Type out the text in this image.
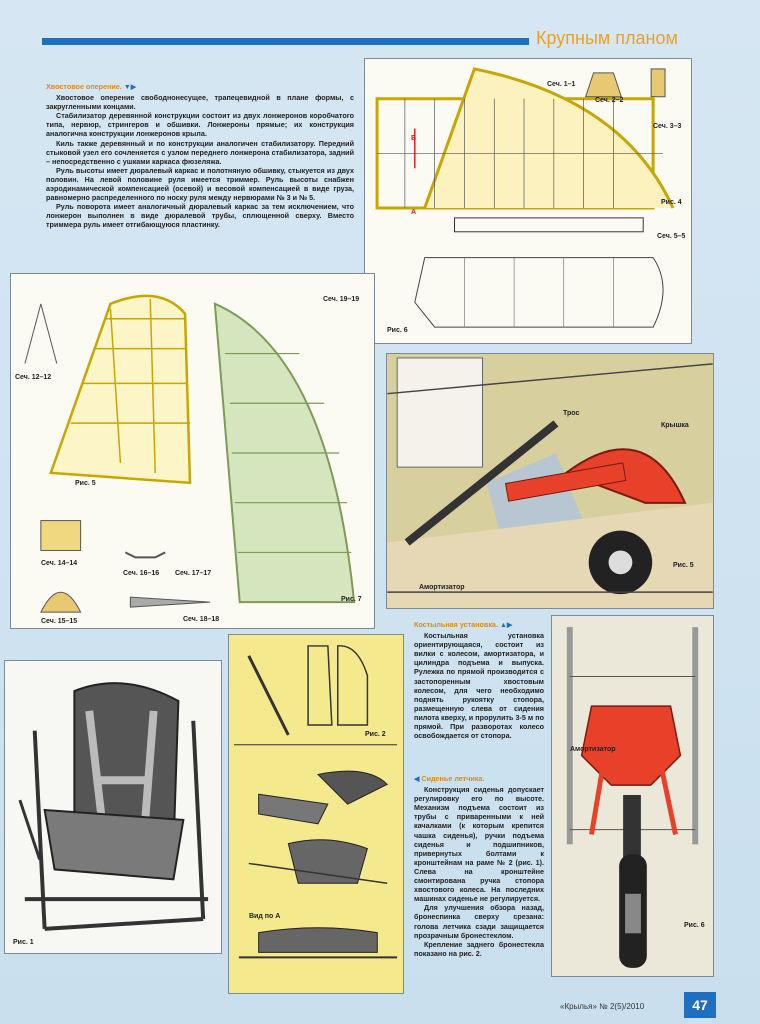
Крупным планом
Хвостовое оперение. ▼▶

Хвостовое оперение свободнонесущее, трапецевидной в плане формы, с закругленными концами.

Стабилизатор деревянной конструкции состоит из двух лонжеронов коробчатого типа, нервюр, стрингеров и обшивки. Лонжероны прямые; их конструкция аналогична конструкции лонжеронов крыла.

Киль также деревянный и по конструкции аналогичен стабилизатору. Передний стыковой узел его сочленяется с узлом переднего лонжерона стабилизатора, задний – непосредственно с ушками каркаса фюзеляжа.

Руль высоты имеет дюралевый каркас и полотняную обшивку, стыкуется из двух половин. На левой половине руля имеется триммер. Руль высоты снабжен аэродинамической компенсацией (осевой) и весовой компенсацией в виде груза, равномерно распределенного по носку руля между нервюрами № 3 и № 5.

Руль поворота имеет аналогичный дюралевый каркас за тем исключением, что лонжерон выполнен в виде дюралевой трубы, сплющенной сверху. Вместо триммера руль имеет отгибающуюся пластинку.

Сеч. 1–1
Сеч. 2–2
Сеч. 3–3
Рис. 4
Сеч. 5–5
Б
А
Рис. 6
Сеч. 12–12
Рис. 5
Сеч. 19–19
Сеч. 14–14
Сеч. 15–15
Сеч. 16–16 Сеч. 17–17
Сеч. 18–18
Рис. 7
Амортизатор
Трос
Крышка
Рис. 5
Костыльная установка. ▲▶

Костыльная установка ориентирующаяся, состоит из вилки с колесом, амортизатора, и цилиндра подъема и выпуска. Рулежка по прямой производится с застопоренным хвостовым колесом, для чего необходимо поднять рукоятку стопора, размещенную слева от сидения пилота кверху, и прорулить 3-5 м по прямой. При разворотах колесо освобождается от стопора.

◀ Сиденье летчика.

Конструкция сиденья допускает регулировку его по высоте. Механизм подъема состоит из трубы с приваренными к ней качалками (к которым крепится чашка сиденья), ручки подъема сиденья и подшипников, привернутых болтами к кронштейнам на раме № 2 (рис. 1). Слева на кронштейне смонтирована ручка стопора хвостового колеса. На последних машинах сиденье не регулируется.

Для улучшения обзора назад, бронеспинка сверху срезана: голова летчика сзади защищается прозрачным бронестеклом.

Крепление заднего бронестекла показано на рис. 2.

Рис. 1
Рис. 2
Вид по А
Амортизатор
Рис. 6
«Крылья» № 2(5)/2010	47
